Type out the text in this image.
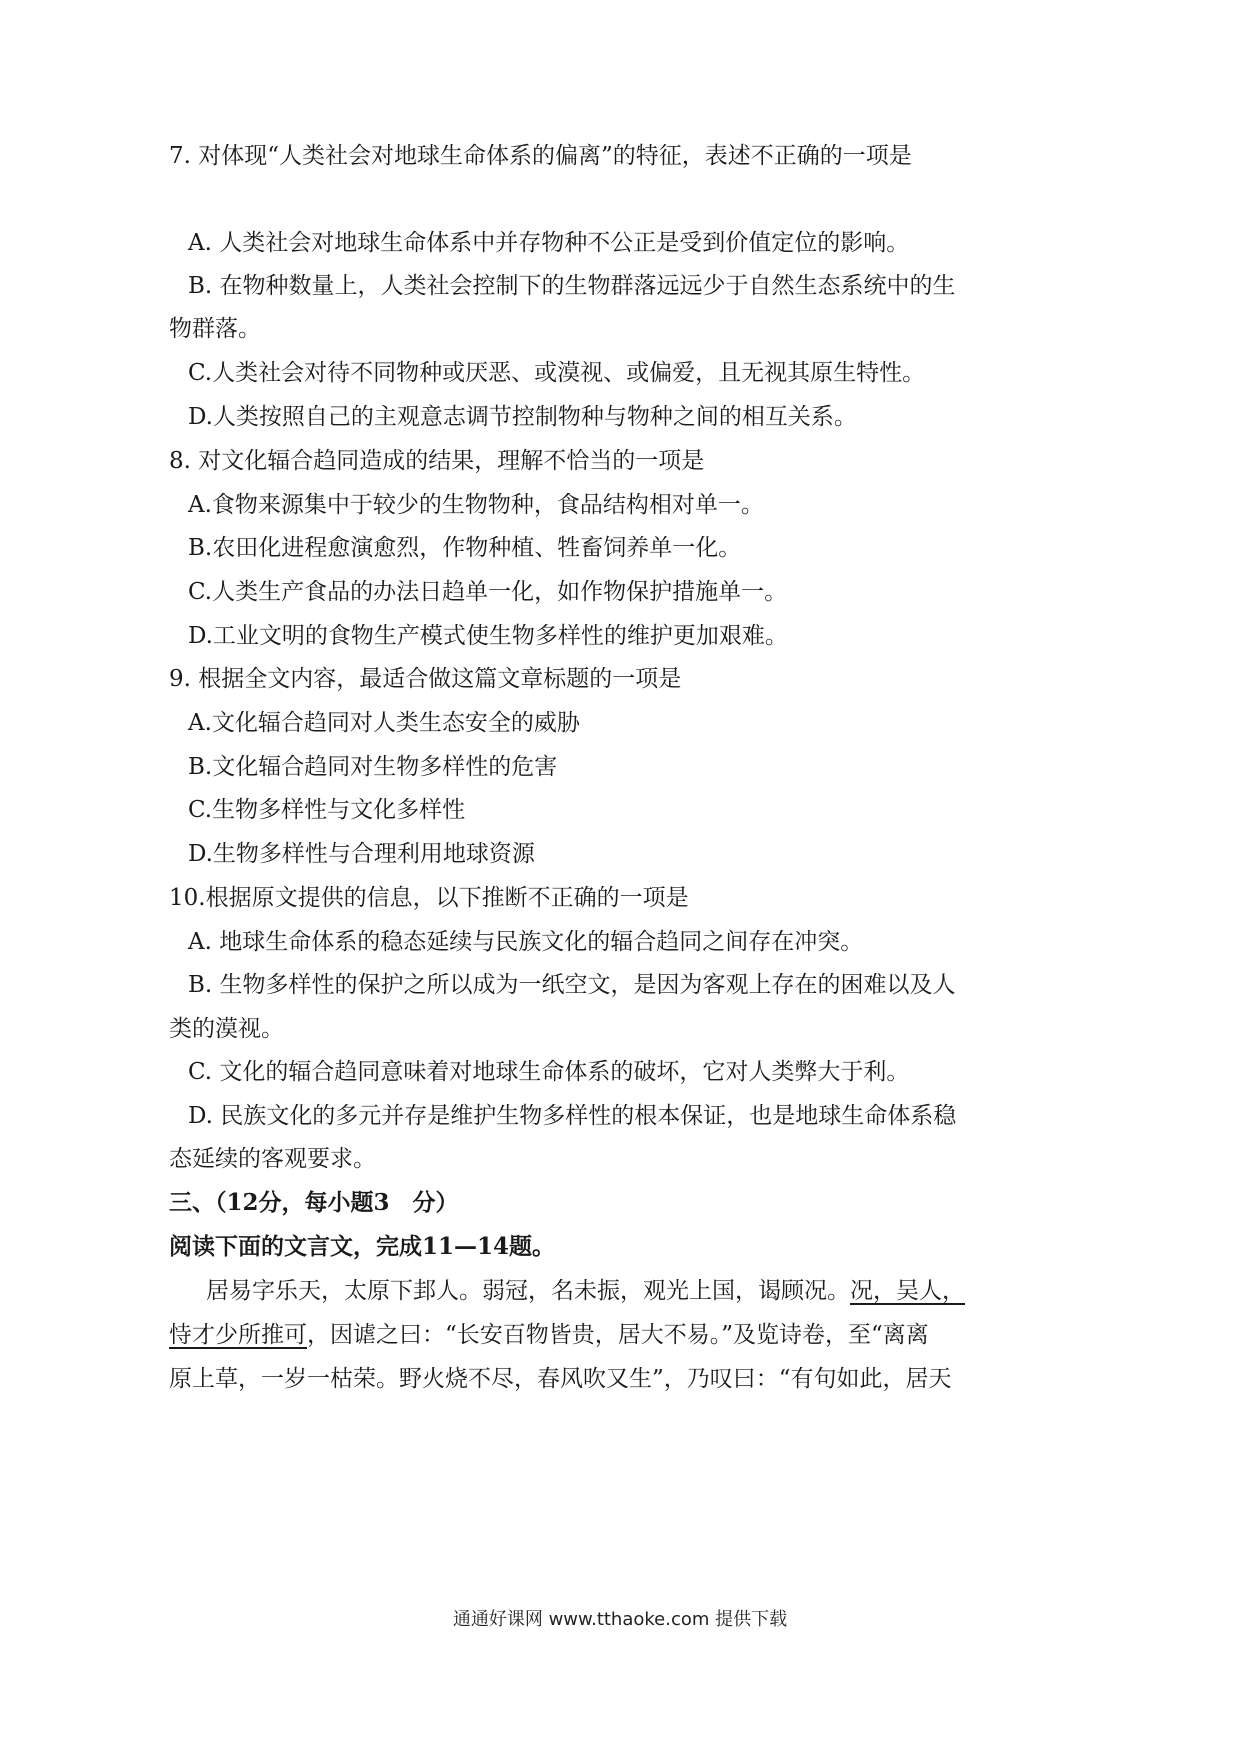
7. 对体现“人类社会对地球生命体系的偏离”的特征，表述不正确的一项是
A. 人类社会对地球生命体系中并存物种不公正是受到价值定位的影响。
B. 在物种数量上，人类社会控制下的生物群落远远少于自然生态系统中的生
物群落。
C.人类社会对待不同物种或厌恶、或漠视、或偏爱，且无视其原生特性。
D.人类按照自己的主观意志调节控制物种与物种之间的相互关系。
8. 对文化辐合趋同造成的结果，理解不恰当的一项是
A.食物来源集中于较少的生物物种，食品结构相对单一。
B.农田化进程愈演愈烈，作物种植、牲畜饲养单一化。
C.人类生产食品的办法日趋单一化，如作物保护措施单一。
D.工业文明的食物生产模式使生物多样性的维护更加艰难。
9. 根据全文内容，最适合做这篇文章标题的一项是
A.文化辐合趋同对人类生态安全的威胁
B.文化辐合趋同对生物多样性的危害
C.生物多样性与文化多样性
D.生物多样性与合理利用地球资源
10.根据原文提供的信息，以下推断不正确的一项是
A. 地球生命体系的稳态延续与民族文化的辐合趋同之间存在冲突。
B. 生物多样性的保护之所以成为一纸空文，是因为客观上存在的困难以及人
类的漠视。
C. 文化的辐合趋同意味着对地球生命体系的破坏，它对人类弊大于利。
D. 民族文化的多元并存是维护生物多样性的根本保证，也是地球生命体系稳
态延续的客观要求。
三、（12分，每小题3　分）
阅读下面的文言文，完成11—14题。
居易字乐天，太原下邽人。弱冠，名未振，观光上国，谒顾况。况，吴人，
恃才少所推可，因谑之曰：“长安百物皆贵，居大不易。”及览诗卷，至“离离
原上草，一岁一枯荣。野火烧不尽，春风吹又生”，乃叹曰：“有句如此，居天
通通好课网 www.tthaoke.com 提供下载
